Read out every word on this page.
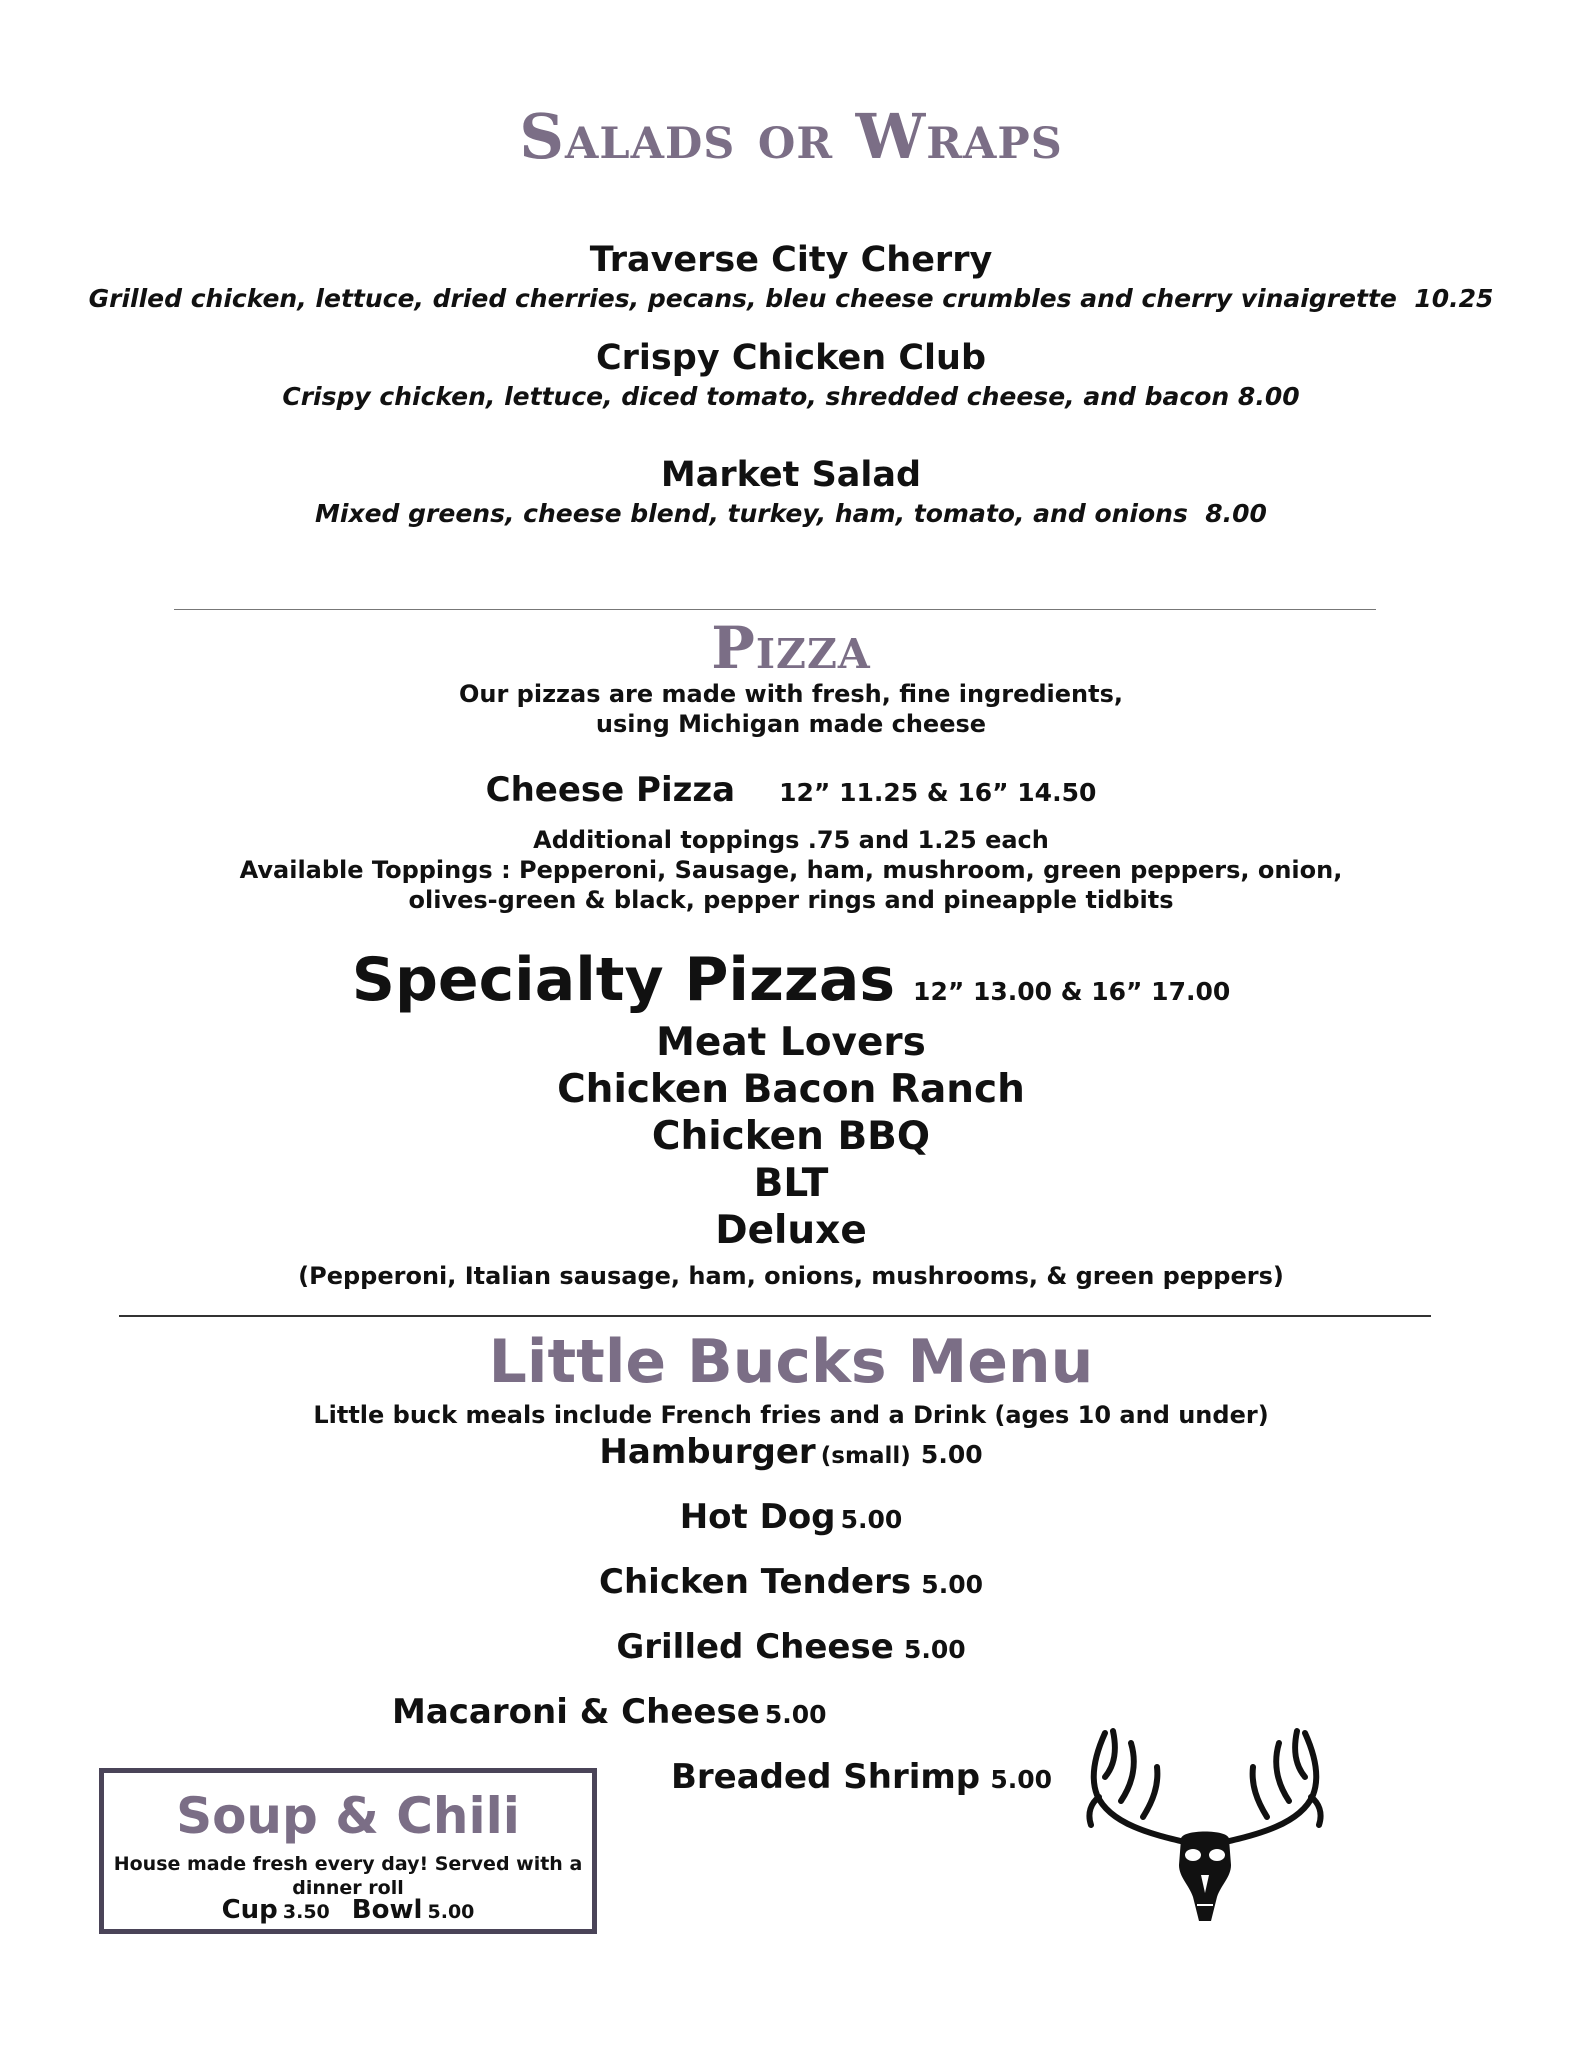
Salads or Wraps
Traverse City Cherry
Grilled chicken, lettuce, dried cherries, pecans, bleu cheese crumbles and cherry vinaigrette 10.25
Crispy Chicken Club
Crispy chicken, lettuce, diced tomato, shredded cheese, and bacon 8.00
Market Salad
Mixed greens, cheese blend, turkey, ham, tomato, and onions 8.00
Pizza
Our pizzas are made with fresh, fine ingredients,
using Michigan made cheese
Cheese Pizza 12” 11.25 & 16” 14.50
Additional toppings .75 and 1.25 each
Available Toppings : Pepperoni, Sausage, ham, mushroom, green peppers, onion,
olives-green & black, pepper rings and pineapple tidbits
Specialty Pizzas 12” 13.00 & 16” 17.00
Meat Lovers
Chicken Bacon Ranch
Chicken BBQ
BLT
Deluxe
(Pepperoni, Italian sausage, ham, onions, mushrooms, & green peppers)
Little Bucks Menu
Little buck meals include French fries and a Drink (ages 10 and under)
Hamburger (small) 5.00
Hot Dog 5.00
Chicken Tenders 5.00
Grilled Cheese 5.00
Macaroni & Cheese 5.00
Breaded Shrimp 5.00
Soup & Chili
House made fresh every day! Served with a
dinner roll
Cup 3.50 Bowl 5.00
